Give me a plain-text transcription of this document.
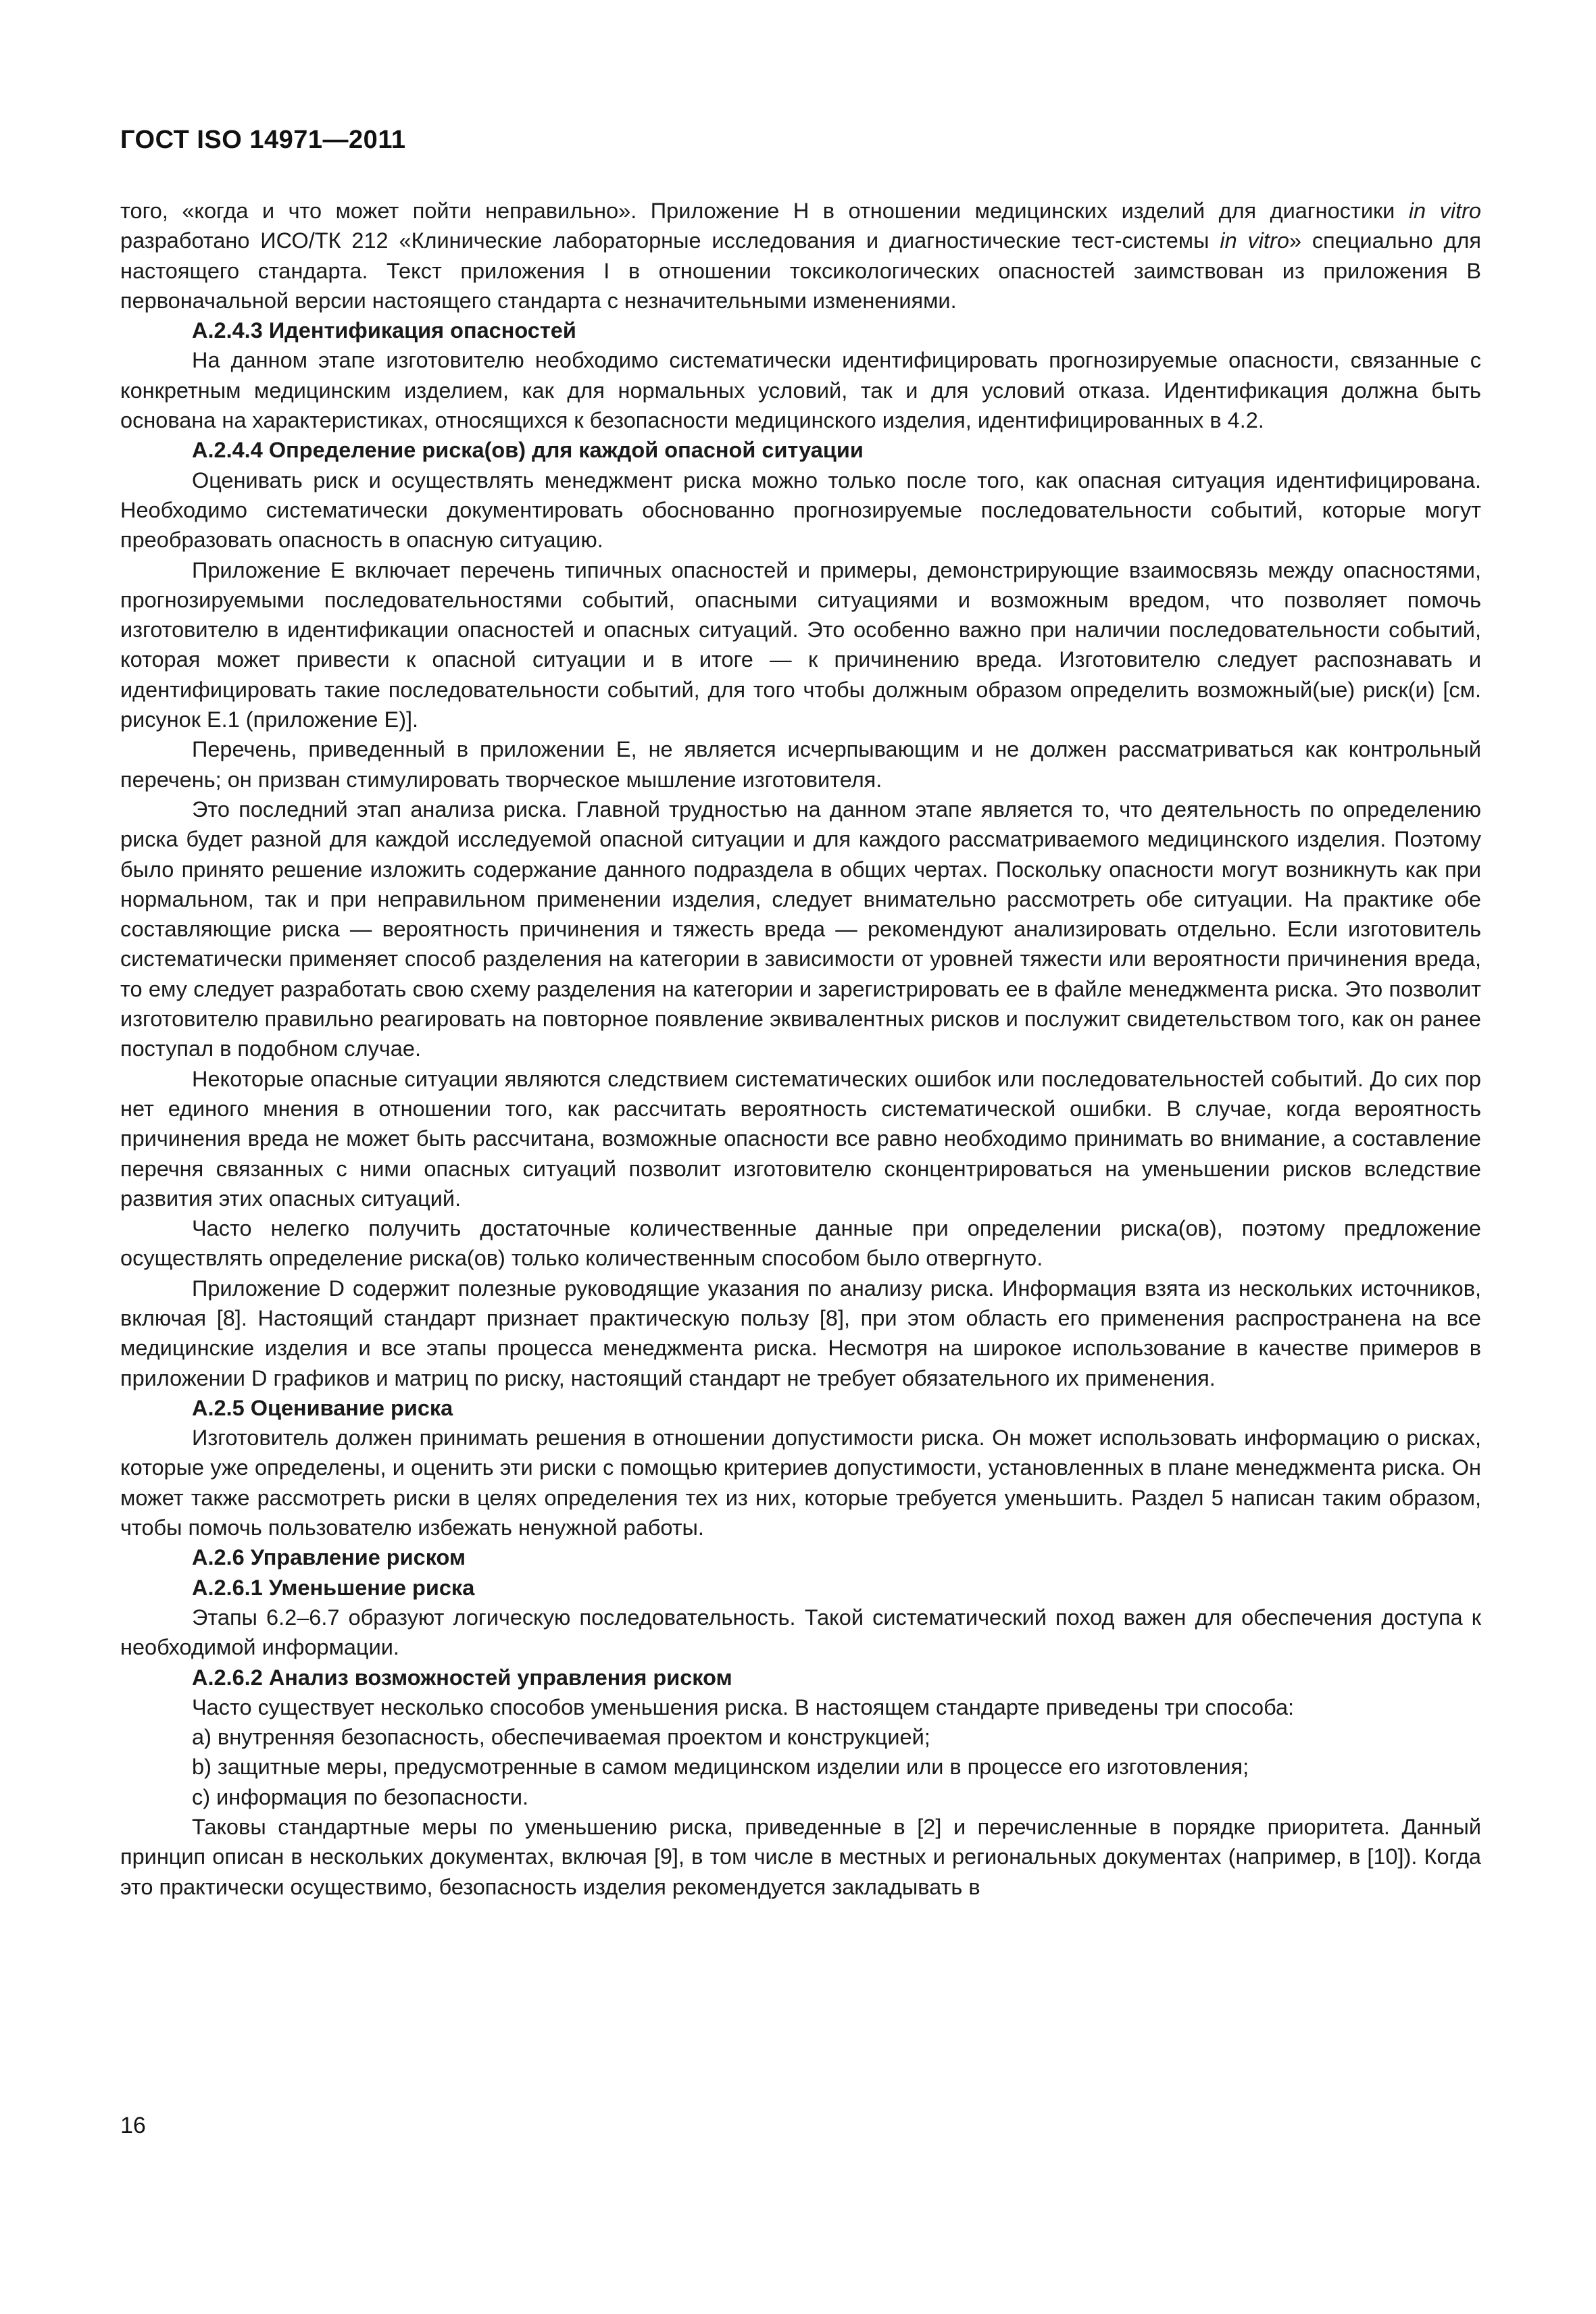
ГОСТ ISO 14971—2011

того, «когда и что может пойти неправильно». Приложение H в отношении медицинских изделий для диагностики in vitro разработано ИСО/ТК 212 «Клинические лабораторные исследования и диагностические тест-системы in vitro» специально для настоящего стандарта. Текст приложения I в отношении токсикологических опасностей заимствован из приложения B первоначальной версии настоящего стандарта с незначительными изменениями.

А.2.4.3 Идентификация опасностей

На данном этапе изготовителю необходимо систематически идентифицировать прогнозируемые опасности, связанные с конкретным медицинским изделием, как для нормальных условий, так и для условий отказа. Идентификация должна быть основана на характеристиках, относящихся к безопасности медицинского изделия, идентифицированных в 4.2.

А.2.4.4 Определение риска(ов) для каждой опасной ситуации

Оценивать риск и осуществлять менеджмент риска можно только после того, как опасная ситуация идентифицирована. Необходимо систематически документировать обоснованно прогнозируемые последовательности событий, которые могут преобразовать опасность в опасную ситуацию.

Приложение E включает перечень типичных опасностей и примеры, демонстрирующие взаимосвязь между опасностями, прогнозируемыми последовательностями событий, опасными ситуациями и возможным вредом, что позволяет помочь изготовителю в идентификации опасностей и опасных ситуаций. Это особенно важно при наличии последовательности событий, которая может привести к опасной ситуации и в итоге — к причинению вреда. Изготовителю следует распознавать и идентифицировать такие последовательности событий, для того чтобы должным образом определить возможный(ые) риск(и) [см. рисунок E.1 (приложение E)].

Перечень, приведенный в приложении E, не является исчерпывающим и не должен рассматриваться как контрольный перечень; он призван стимулировать творческое мышление изготовителя.

Это последний этап анализа риска. Главной трудностью на данном этапе является то, что деятельность по определению риска будет разной для каждой исследуемой опасной ситуации и для каждого рассматриваемого медицинского изделия. Поэтому было принято решение изложить содержание данного подраздела в общих чертах. Поскольку опасности могут возникнуть как при нормальном, так и при неправильном применении изделия, следует внимательно рассмотреть обе ситуации. На практике обе составляющие риска — вероятность причинения и тяжесть вреда — рекомендуют анализировать отдельно. Если изготовитель систематически применяет способ разделения на категории в зависимости от уровней тяжести или вероятности причинения вреда, то ему следует разработать свою схему разделения на категории и зарегистрировать ее в файле менеджмента риска. Это позволит изготовителю правильно реагировать на повторное появление эквивалентных рисков и послужит свидетельством того, как он ранее поступал в подобном случае.

Некоторые опасные ситуации являются следствием систематических ошибок или последовательностей событий. До сих пор нет единого мнения в отношении того, как рассчитать вероятность систематической ошибки. В случае, когда вероятность причинения вреда не может быть рассчитана, возможные опасности все равно необходимо принимать во внимание, а составление перечня связанных с ними опасных ситуаций позволит изготовителю сконцентрироваться на уменьшении рисков вследствие развития этих опасных ситуаций.

Часто нелегко получить достаточные количественные данные при определении риска(ов), поэтому предложение осуществлять определение риска(ов) только количественным способом было отвергнуто.

Приложение D содержит полезные руководящие указания по анализу риска. Информация взята из нескольких источников, включая [8]. Настоящий стандарт признает практическую пользу [8], при этом область его применения распространена на все медицинские изделия и все этапы процесса менеджмента риска. Несмотря на широкое использование в качестве примеров в приложении D графиков и матриц по риску, настоящий стандарт не требует обязательного их применения.

А.2.5 Оценивание риска

Изготовитель должен принимать решения в отношении допустимости риска. Он может использовать информацию о рисках, которые уже определены, и оценить эти риски с помощью критериев допустимости, установленных в плане менеджмента риска. Он может также рассмотреть риски в целях определения тех из них, которые требуется уменьшить. Раздел 5 написан таким образом, чтобы помочь пользователю избежать ненужной работы.

А.2.6 Управление риском

А.2.6.1 Уменьшение риска

Этапы 6.2–6.7 образуют логическую последовательность. Такой систематический поход важен для обеспечения доступа к необходимой информации.

А.2.6.2 Анализ возможностей управления риском

Часто существует несколько способов уменьшения риска. В настоящем стандарте приведены три способа:

a) внутренняя безопасность, обеспечиваемая проектом и конструкцией;

b) защитные меры, предусмотренные в самом медицинском изделии или в процессе его изготовления;

c) информация по безопасности.

Таковы стандартные меры по уменьшению риска, приведенные в [2] и перечисленные в порядке приоритета. Данный принцип описан в нескольких документах, включая [9], в том числе в местных и региональных документах (например, в [10]). Когда это практически осуществимо, безопасность изделия рекомендуется закладывать в

16
